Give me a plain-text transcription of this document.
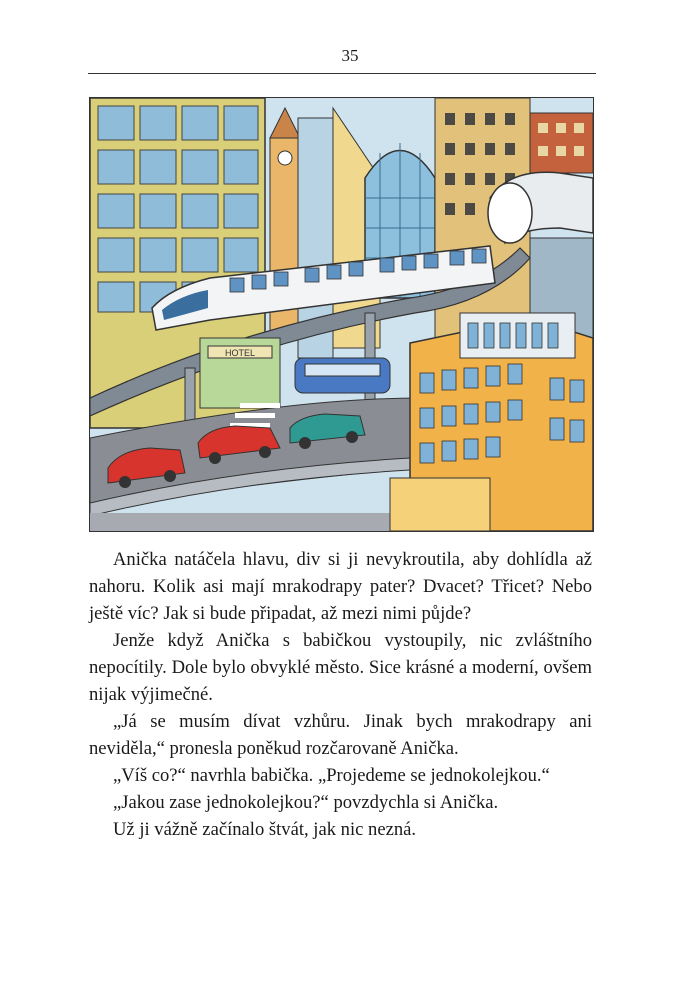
35
HOTEL

Anička natáčela hlavu, div si ji nevykroutila, aby dohlídla až nahoru. Kolik asi mají mrakodrapy pater? Dvacet? Třicet? Nebo ještě víc? Jak si bude připadat, až mezi nimi půjde?

Jenže když Anička s babičkou vystoupily, nic zvláštního nepocítily. Dole bylo obvyklé město. Sice krásné a moderní, ovšem nijak výjimečné.

„Já se musím dívat vzhůru. Jinak bych mrakodrapy ani neviděla,“ pronesla poněkud rozčarovaně Anička.

„Víš co?“ navrhla babička. „Projedeme se jednokolejkou.“

„Jakou zase jednokolejkou?“ povzdychla si Anička.

Už ji vážně začínalo štvát, jak nic nezná.
